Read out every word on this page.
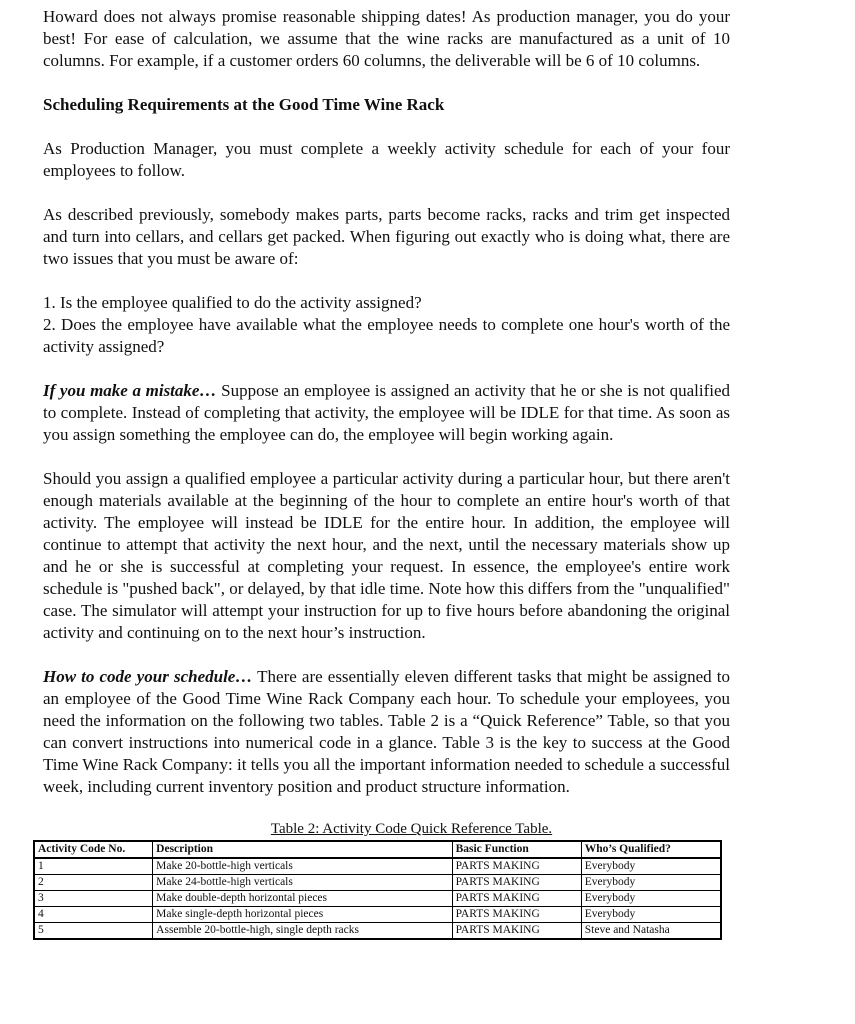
Howard does not always promise reasonable shipping dates! As production manager, you do your best! For ease of calculation, we assume that the wine racks are manufactured as a unit of 10 columns. For example, if a customer orders 60 columns, the deliverable will be 6 of 10 columns.

Scheduling Requirements at the Good Time Wine Rack

As Production Manager, you must complete a weekly activity schedule for each of your four employees to follow.

As described previously, somebody makes parts, parts become racks, racks and trim get inspected and turn into cellars, and cellars get packed. When figuring out exactly who is doing what, there are two issues that you must be aware of:

1. Is the employee qualified to do the activity assigned?
2. Does the employee have available what the employee needs to complete one hour's worth of the activity assigned?

If you make a mistake… Suppose an employee is assigned an activity that he or she is not qualified to complete. Instead of completing that activity, the employee will be IDLE for that time. As soon as you assign something the employee can do, the employee will begin working again.

Should you assign a qualified employee a particular activity during a particular hour, but there aren't enough materials available at the beginning of the hour to complete an entire hour's worth of that activity. The employee will instead be IDLE for the entire hour. In addition, the employee will continue to attempt that activity the next hour, and the next, until the necessary materials show up and he or she is successful at completing your request. In essence, the employee's entire work schedule is "pushed back", or delayed, by that idle time. Note how this differs from the "unqualified" case. The simulator will attempt your instruction for up to five hours before abandoning the original activity and continuing on to the next hour’s instruction.

How to code your schedule… There are essentially eleven different tasks that might be assigned to an employee of the Good Time Wine Rack Company each hour. To schedule your employees, you need the information on the following two tables. Table 2 is a “Quick Reference” Table, so that you can convert instructions into numerical code in a glance. Table 3 is the key to success at the Good Time Wine Rack Company: it tells you all the important information needed to schedule a successful week, including current inventory position and product structure information.

Table 2: Activity Code Quick Reference Table.
Activity Code No.	Description	Basic Function	Who’s Qualified?
1	Make 20-bottle-high verticals	PARTS MAKING	Everybody
2	Make 24-bottle-high verticals	PARTS MAKING	Everybody
3	Make double-depth horizontal pieces	PARTS MAKING	Everybody
4	Make single-depth horizontal pieces	PARTS MAKING	Everybody
5	Assemble 20-bottle-high, single depth racks	PARTS MAKING	Steve and Natasha
